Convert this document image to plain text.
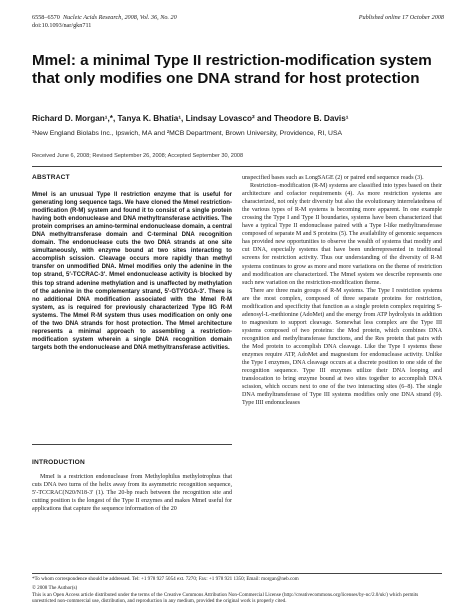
6558–6570 Nucleic Acids Research, 2008, Vol. 36, No. 20
doi:10.1093/nar/gkn711
Published online 17 October 2008
Mmel: a minimal Type II restriction-modification system that only modifies one DNA strand for host protection
Richard D. Morgan¹,*, Tanya K. Bhatia¹, Lindsay Lovasco² and Theodore B. Davis¹
¹New England Biolabs Inc., Ipswich, MA and ²MCB Department, Brown University, Providence, RI, USA
Received June 6, 2008; Revised September 26, 2008; Accepted September 30, 2008
ABSTRACT
MmeI is an unusual Type II restriction enzyme that is useful for generating long sequence tags. We have cloned the MmeI restriction-modification (R-M) system and found it to consist of a single protein having both endonuclease and DNA methyltransferase activities. The protein comprises an amino-terminal endonuclease domain, a central DNA methyltransferase domain and C-terminal DNA recognition domain. The endonuclease cuts the two DNA strands at one site simultaneously, with enzyme bound at two sites interacting to accomplish scission. Cleavage occurs more rapidly than methyl transfer on unmodified DNA. MmeI modifies only the adenine in the top strand, 5′-TCCRAC-3′. MmeI endonuclease activity is blocked by this top strand adenine methylation and is unaffected by methylation of the adenine in the complementary strand, 5′-GTYGGA-3′. There is no additional DNA modification associated with the MmeI R-M system, as is required for previously characterized Type IIG R-M systems. The MmeI R-M system thus uses modification on only one of the two DNA strands for host protection. The MmeI architecture represents a minimal approach to assembling a restriction-modification system wherein a single DNA recognition domain targets both the endonuclease and DNA methyltransferase activities.
INTRODUCTION

MmeI is a restriction endonuclease from Methylophilus methylotrophus that cuts DNA two turns of the helix away from its asymmetric recognition sequence, 5′-TCCRAC(N20/N18-3′ (1). The 20-bp reach between the recognition site and cutting position is the longest of the Type II enzymes and makes MmeI useful for applications that capture the sequence information of the 20

unspecified bases such as LongSAGE (2) or paired end sequence reads (3).

Restriction–modification (R-M) systems are classified into types based on their architecture and cofactor requirements (4). As more restriction systems are characterized, not only their diversity but also the evolutionary interrelatedness of the various types of R-M systems is becoming more apparent. In one example crossing the Type I and Type II boundaries, systems have been characterized that have a typical Type II endonuclease paired with a Type I-like methyltransferase composed of separate M and S proteins (5). The availability of genomic sequences has provided new opportunities to observe the wealth of systems that modify and cut DNA, especially systems that have been underrepresented in traditional screens for restriction activity. Thus our understanding of the diversity of R-M systems continues to grow as more and more variations on the theme of restriction and modification are characterized. The MmeI system we describe represents one such new variation on the restriction-modification theme.

There are three main groups of R-M systems. The Type I restriction systems are the most complex, composed of three separate proteins for restriction, modification and specificity that function as a single protein complex requiring S-adenosyl-L-methionine (AdoMet) and the energy from ATP hydrolysis in addition to magnesium to support cleavage. Somewhat less complex are the Type III systems composed of two proteins: the Mod protein, which combines DNA recognition and methyltransferase functions, and the Res protein that pairs with the Mod protein to accomplish DNA cleavage. Like the Type I systems these enzymes require ATP, AdoMet and magnesium for endonuclease activity. Unlike the Type I enzymes, DNA cleavage occurs at a discrete position to one side of the recognition sequence. Type III enzymes utilize their DNA looping and translocation to bring enzyme bound at two sites together to accomplish DNA scission, which occurs next to one of the two interacting sites (6–8). The single DNA methyltransferase of Type III systems modifies only one DNA strand (9). Type IIII endonucleases

*To whom correspondence should be addressed. Tel: +1 978 927 5054 ext. 7270; Fax: +1 978 921 1350; Email: morgan@neb.com
© 2008 The Author(s)
This is an Open Access article distributed under the terms of the Creative Commons Attribution Non-Commercial License (http://creativecommons.org/licenses/by-nc/2.0/uk/) which permits unrestricted non-commercial use, distribution, and reproduction in any medium, provided the original work is properly cited.
